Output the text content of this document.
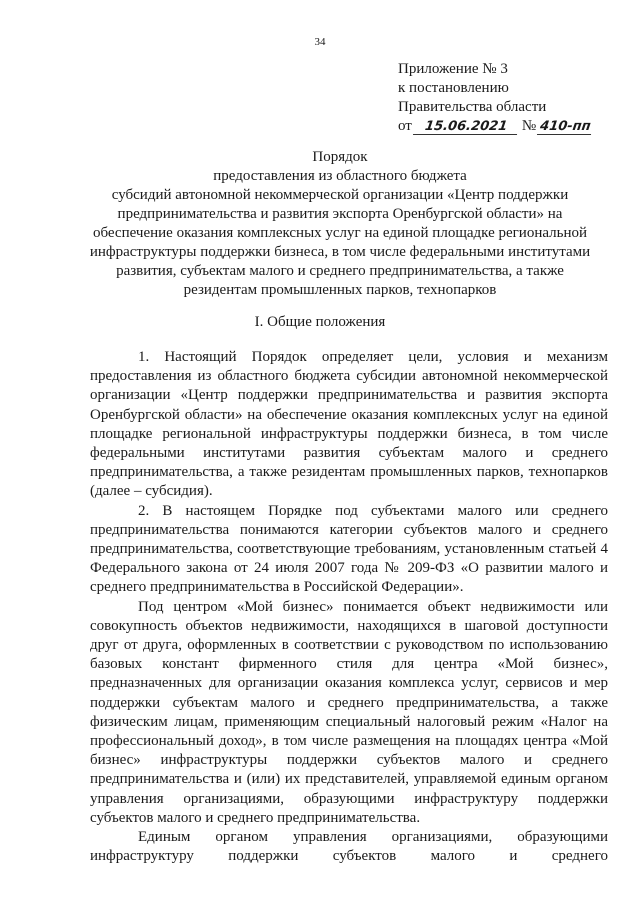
34
Приложение № 3
к постановлению
Правительства области
от 15.06.2021 № 410-пп
Порядок
предоставления из областного бюджета
субсидий автономной некоммерческой организации «Центр поддержки
предпринимательства и развития экспорта Оренбургской области» на
обеспечение оказания комплексных услуг на единой площадке региональной
инфраструктуры поддержки бизнеса, в том числе федеральными институтами
развития, субъектам малого и среднего предпринимательства, а также
резидентам промышленных парков, технопарков
I. Общие положения

1. Настоящий Порядок определяет цели, условия и механизм предоставления из областного бюджета субсидии автономной некоммерческой организации «Центр поддержки предпринимательства и развития экспорта Оренбургской области» на обеспечение оказания комплексных услуг на единой площадке региональной инфраструктуры поддержки бизнеса, в том числе федеральными институтами развития субъектам малого и среднего предпринимательства, а также резидентам промышленных парков, технопарков (далее – субсидия).

2. В настоящем Порядке под субъектами малого или среднего предпринимательства понимаются категории субъектов малого и среднего предпринимательства, соответствующие требованиям, установленным статьей 4 Федерального закона от 24 июля 2007 года № 209-ФЗ «О развитии малого и среднего предпринимательства в Российской Федерации».

Под центром «Мой бизнес» понимается объект недвижимости или совокупность объектов недвижимости, находящихся в шаговой доступности друг от друга, оформленных в соответствии с руководством по использованию базовых констант фирменного стиля для центра «Мой бизнес», предназначенных для организации оказания комплекса услуг, сервисов и мер поддержки субъектам малого и среднего предпринимательства, а также физическим лицам, применяющим специальный налоговый режим «Налог на профессиональный доход», в том числе размещения на площадях центра «Мой бизнес» инфраструктуры поддержки субъектов малого и среднего предпринимательства и (или) их представителей, управляемой единым органом управления организациями, образующими инфраструктуру поддержки субъектов малого и среднего предпринимательства.

Единым органом управления организациями, образующими инфраструктуру поддержки субъектов малого и среднего
